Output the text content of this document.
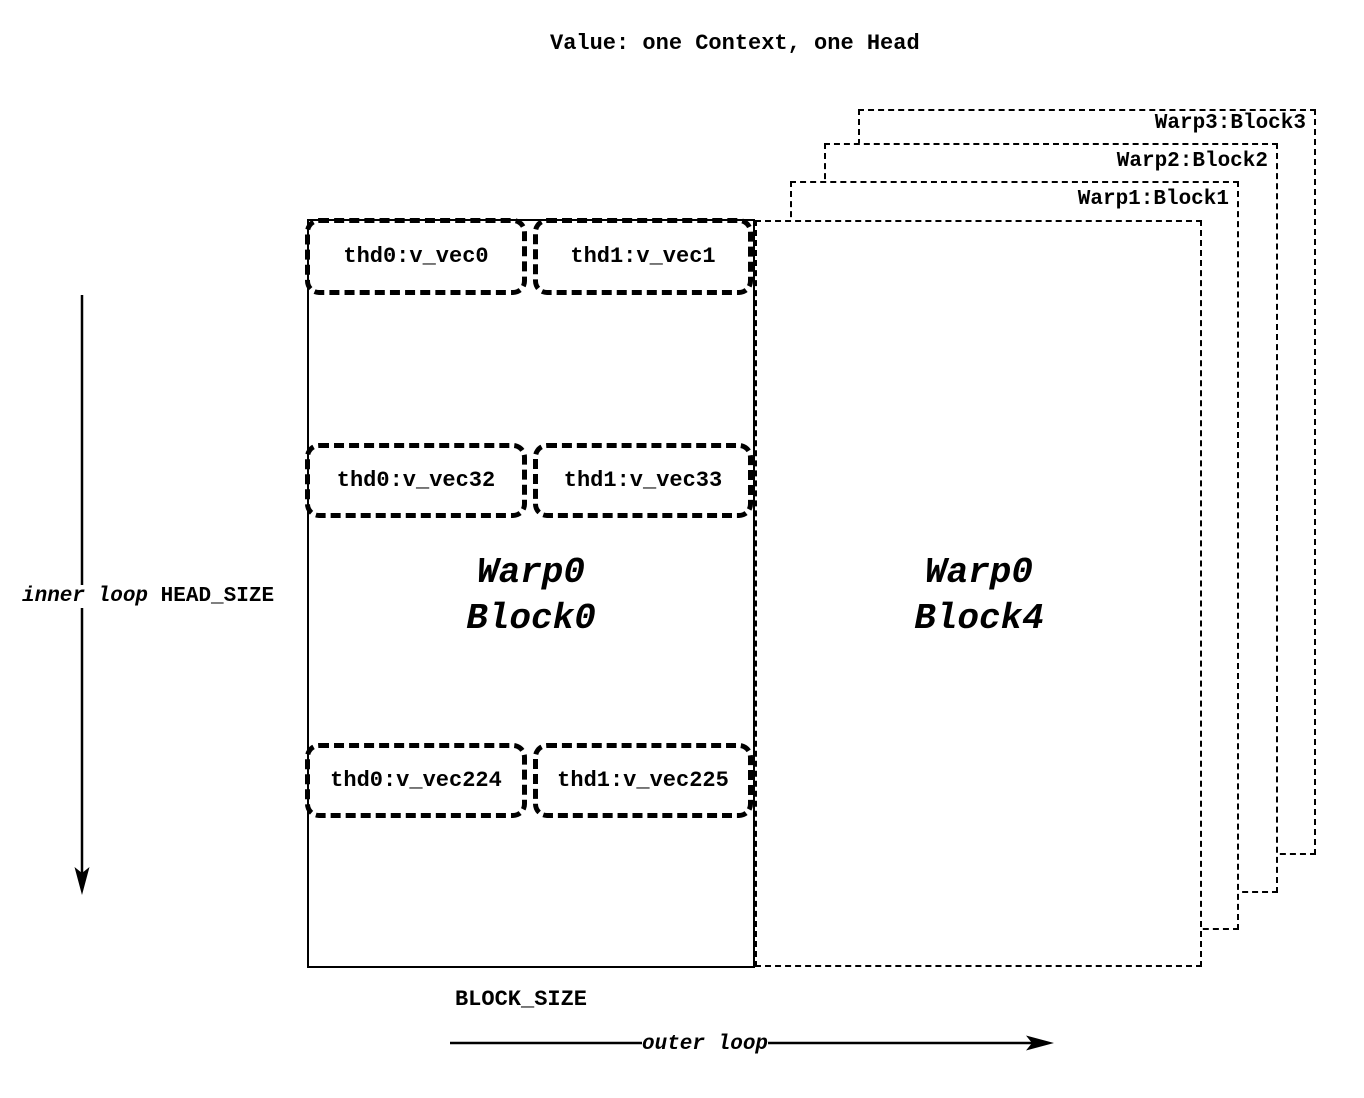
Value: one Context, one Head
Warp3:Block3
Warp2:Block2
Warp1:Block1
thd0:v_vec0	thd1:v_vec1
thd0:v_vec32	thd1:v_vec33
thd0:v_vec224	thd1:v_vec225
Warp0
Block0
Warp0
Block4
inner loop HEAD_SIZE
BLOCK_SIZE
outer loop
